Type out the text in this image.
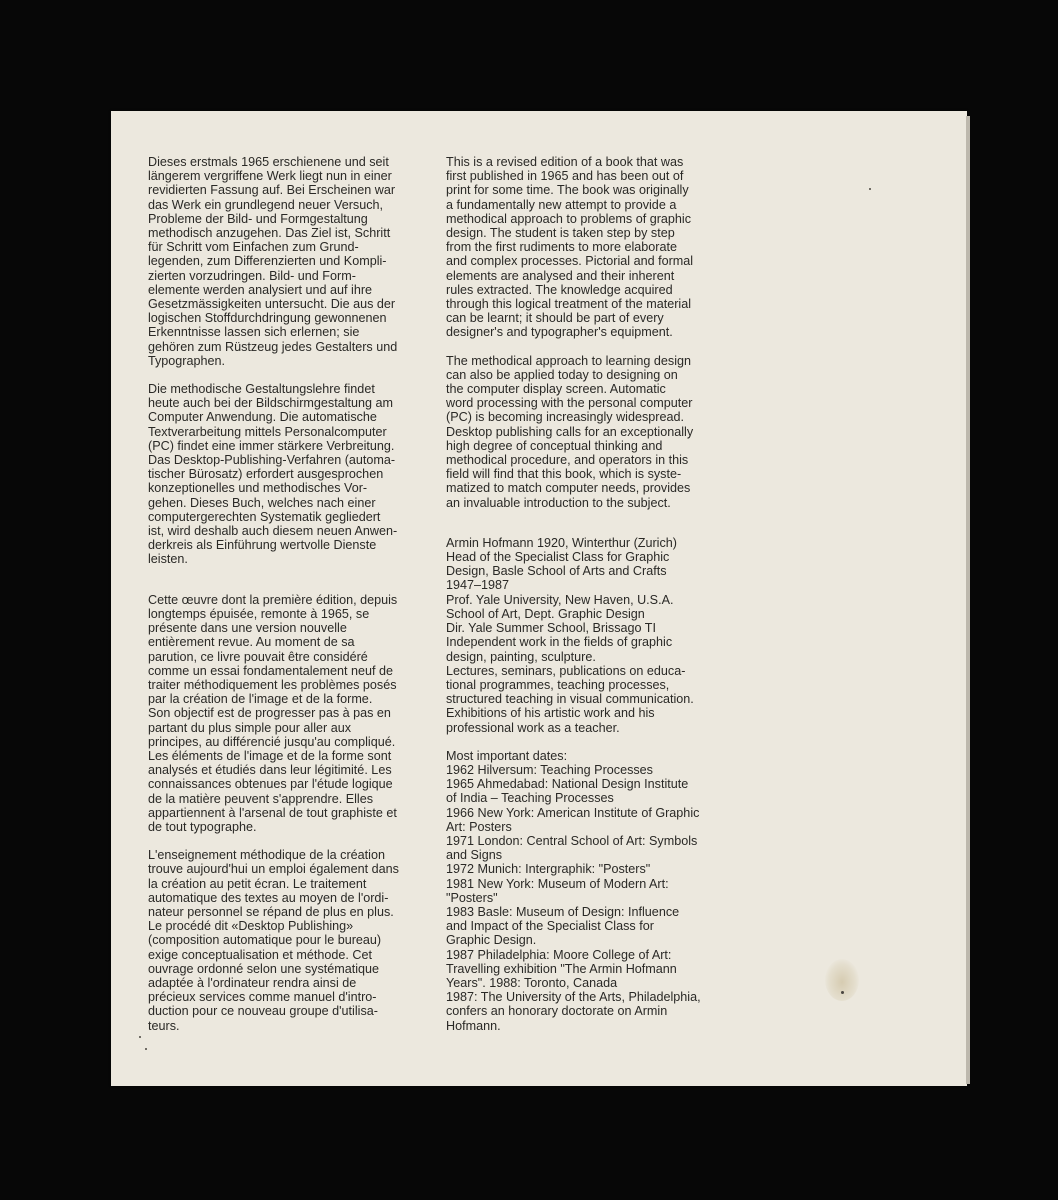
Dieses erstmals 1965 erschienene und seit
längerem vergriffene Werk liegt nun in einer
revidierten Fassung auf. Bei Erscheinen war
das Werk ein grundlegend neuer Versuch,
Probleme der Bild- und Formgestaltung
methodisch anzugehen. Das Ziel ist, Schritt
für Schritt vom Einfachen zum Grund-
legenden, zum Differenzierten und Kompli-
zierten vorzudringen. Bild- und Form-
elemente werden analysiert und auf ihre
Gesetzmässigkeiten untersucht. Die aus der
logischen Stoffdurchdringung gewonnenen
Erkenntnisse lassen sich erlernen; sie
gehören zum Rüstzeug jedes Gestalters und
Typographen.

Die methodische Gestaltungslehre findet
heute auch bei der Bildschirmgestaltung am
Computer Anwendung. Die automatische
Textverarbeitung mittels Personalcomputer
(PC) findet eine immer stärkere Verbreitung.
Das Desktop-Publishing-Verfahren (automa-
tischer Bürosatz) erfordert ausgesprochen
konzeptionelles und methodisches Vor-
gehen. Dieses Buch, welches nach einer
computergerechten Systematik gegliedert
ist, wird deshalb auch diesem neuen Anwen-
derkreis als Einführung wertvolle Dienste
leisten.

Cette œuvre dont la première édition, depuis
longtemps épuisée, remonte à 1965, se
présente dans une version nouvelle
entièrement revue. Au moment de sa
parution, ce livre pouvait être considéré
comme un essai fondamentalement neuf de
traiter méthodiquement les problèmes posés
par la création de l'image et de la forme.
Son objectif est de progresser pas à pas en
partant du plus simple pour aller aux
principes, au différencié jusqu'au compliqué.
Les éléments de l'image et de la forme sont
analysés et étudiés dans leur légitimité. Les
connaissances obtenues par l'étude logique
de la matière peuvent s'apprendre. Elles
appartiennent à l'arsenal de tout graphiste et
de tout typographe.

L'enseignement méthodique de la création
trouve aujourd'hui un emploi également dans
la création au petit écran. Le traitement
automatique des textes au moyen de l'ordi-
nateur personnel se répand de plus en plus.
Le procédé dit «Desktop Publishing»
(composition automatique pour le bureau)
exige conceptualisation et méthode. Cet
ouvrage ordonné selon une systématique
adaptée à l'ordinateur rendra ainsi de
précieux services comme manuel d'intro-
duction pour ce nouveau groupe d'utilisa-
teurs.

This is a revised edition of a book that was
first published in 1965 and has been out of
print for some time. The book was originally
a fundamentally new attempt to provide a
methodical approach to problems of graphic
design. The student is taken step by step
from the first rudiments to more elaborate
and complex processes. Pictorial and formal
elements are analysed and their inherent
rules extracted. The knowledge acquired
through this logical treatment of the material
can be learnt; it should be part of every
designer's and typographer's equipment.

The methodical approach to learning design
can also be applied today to designing on
the computer display screen. Automatic
word processing with the personal computer
(PC) is becoming increasingly widespread.
Desktop publishing calls for an exceptionally
high degree of conceptual thinking and
methodical procedure, and operators in this
field will find that this book, which is syste-
matized to match computer needs, provides
an invaluable introduction to the subject.

Armin Hofmann 1920, Winterthur (Zurich)
Head of the Specialist Class for Graphic
Design, Basle School of Arts and Crafts
1947–1987
Prof. Yale University, New Haven, U.S.A.
School of Art, Dept. Graphic Design
Dir. Yale Summer School, Brissago TI
Independent work in the fields of graphic
design, painting, sculpture.
Lectures, seminars, publications on educa-
tional programmes, teaching processes,
structured teaching in visual communication.
Exhibitions of his artistic work and his
professional work as a teacher.

Most important dates:
1962 Hilversum: Teaching Processes
1965 Ahmedabad: National Design Institute
of India – Teaching Processes
1966 New York: American Institute of Graphic
Art: Posters
1971 London: Central School of Art: Symbols
and Signs
1972 Munich: Intergraphik: "Posters"
1981 New York: Museum of Modern Art:
"Posters"
1983 Basle: Museum of Design: Influence
and Impact of the Specialist Class for
Graphic Design.
1987 Philadelphia: Moore College of Art:
Travelling exhibition "The Armin Hofmann
Years". 1988: Toronto, Canada
1987: The University of the Arts, Philadelphia,
confers an honorary doctorate on Armin
Hofmann.
